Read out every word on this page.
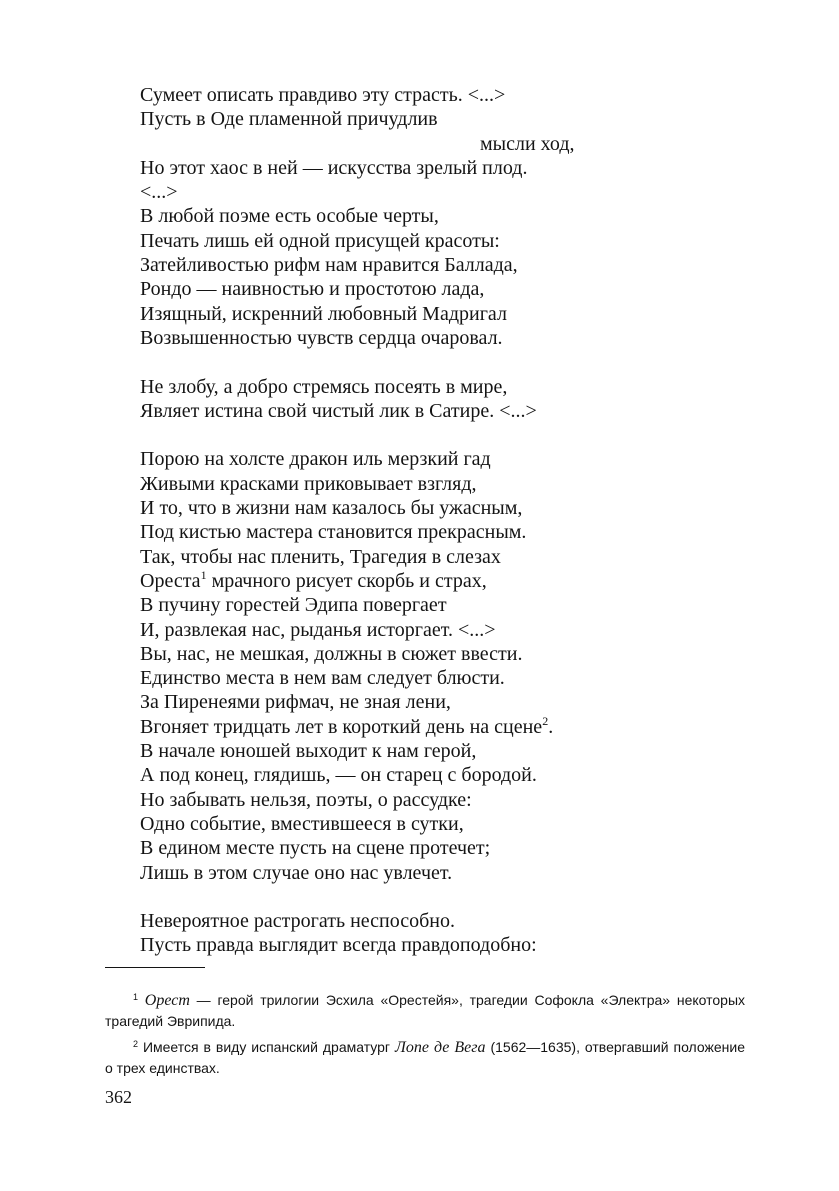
Сумеет описать правдиво эту страсть. <...>
Пусть в Оде пламенной причудлив
мысли ход,
Но этот хаос в ней — искусства зрелый плод.
<...>
В любой поэме есть особые черты,
Печать лишь ей одной присущей красоты:
Затейливостью рифм нам нравится Баллада,
Рондо — наивностью и простотою лада,
Изящный, искренний любовный Мадригал
Возвышенностью чувств сердца очаровал.
Не злобу, а добро стремясь посеять в мире,
Являет истина свой чистый лик в Сатире. <...>
Порою на холсте дракон иль мерзкий гад
Живыми красками приковывает взгляд,
И то, что в жизни нам казалось бы ужасным,
Под кистью мастера становится прекрасным.
Так, чтобы нас пленить, Трагедия в слезах
Ореста$^1$ мрачного рисует скорбь и страх,
В пучину горестей Эдипа повергает
И, развлекая нас, рыданья исторгает. <...>
Вы, нас, не мешкая, должны в сюжет ввести.
Единство места в нем вам следует блюсти.
За Пиренеями рифмач, не зная лени,
Вгоняет тридцать лет в короткий день на сцене$^2$.
В начале юношей выходит к нам герой,
А под конец, глядишь, — он старец с бородой.
Но забывать нельзя, поэты, о рассудке:
Одно событие, вместившееся в сутки,
В едином месте пусть на сцене протечет;
Лишь в этом случае оно нас увлечет.
Невероятное растрогать неспособно.
Пусть правда выглядит всегда правдоподобно:

$^1$ Орест — герой трилогии Эсхила «Орестейя», трагедии Софокла «Электра» некоторых трагедий Эврипида.

$^2$ Имеется в виду испанский драматург Лопе де Вега (1562—1635), отвергавший положение о трех единствах.

362
